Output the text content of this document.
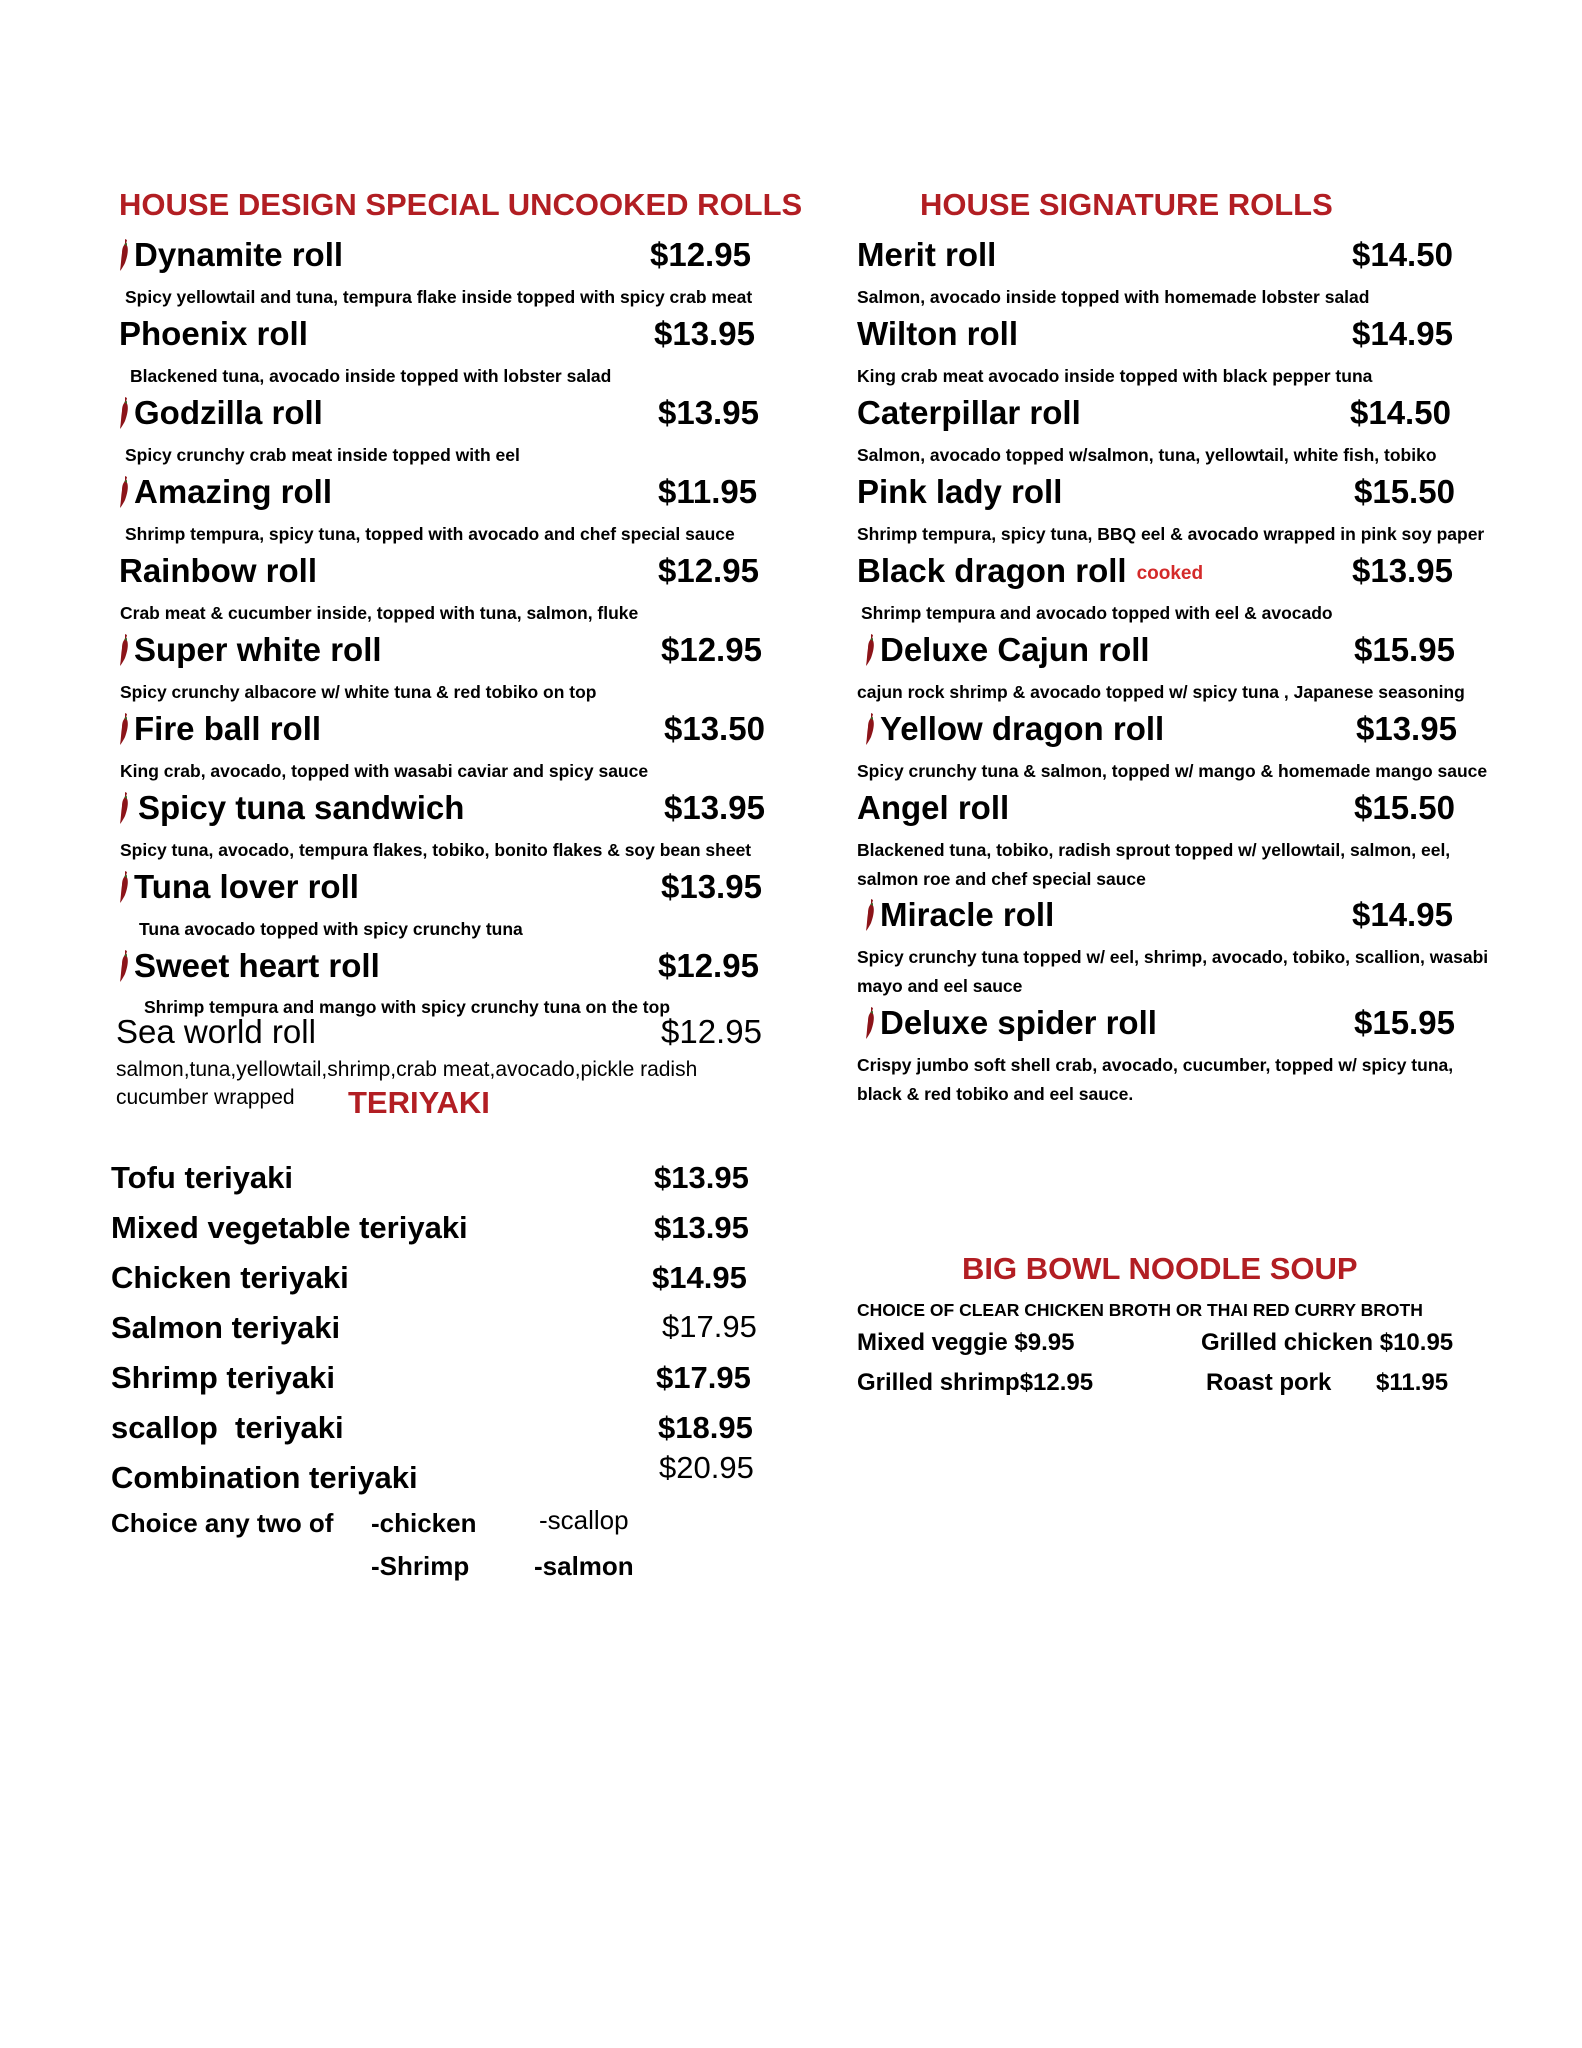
HOUSE DESIGN SPECIAL UNCOOKED ROLLS
Dynamite roll	$12.95
Spicy yellowtail and tuna, tempura flake inside topped with spicy crab meat
Phoenix roll	$13.95
Blackened tuna, avocado inside topped with lobster salad
Godzilla roll	$13.95
Spicy crunchy crab meat inside topped with eel
Amazing roll	$11.95
Shrimp tempura, spicy tuna, topped with avocado and chef special sauce
Rainbow roll	$12.95
Crab meat & cucumber inside, topped with tuna, salmon, fluke
Super white roll	$12.95
Spicy crunchy albacore w/ white tuna & red tobiko on top
Fire ball roll	$13.50
King crab, avocado, topped with wasabi caviar and spicy sauce
Spicy tuna sandwich	$13.95
Spicy tuna, avocado, tempura flakes, tobiko, bonito flakes & soy bean sheet
Tuna lover roll	$13.95
Tuna avocado topped with spicy crunchy tuna
Sweet heart roll	$12.95
Shrimp tempura and mango with spicy crunchy tuna on the top
Sea world roll	$12.95
salmon,tuna,yellowtail,shrimp,crab meat,avocado,pickle radish
cucumber wrapped TERIYAKI
Tofu teriyaki	$13.95
Mixed vegetable teriyaki	$13.95
Chicken teriyaki	$14.95
Salmon teriyaki	$17.95
Shrimp teriyaki	$17.95
scallop  teriyaki	$18.95
Combination teriyaki	$20.95
Choice any two of -chicken -scallop
-Shrimp -salmon
HOUSE SIGNATURE ROLLS
Merit roll	$14.50
Salmon, avocado inside topped with homemade lobster salad
Wilton roll	$14.95
King crab meat avocado inside topped with black pepper tuna
Caterpillar roll	$14.50
Salmon, avocado topped w/salmon, tuna, yellowtail, white fish, tobiko
Pink lady roll	$15.50
Shrimp tempura, spicy tuna, BBQ eel & avocado wrapped in pink soy paper
Black dragon roll cooked	$13.95
Shrimp tempura and avocado topped with eel & avocado
Deluxe Cajun roll	$15.95
cajun rock shrimp & avocado topped w/ spicy tuna , Japanese seasoning
Yellow dragon roll	$13.95
Spicy crunchy tuna & salmon, topped w/ mango & homemade mango sauce
Angel roll	$15.50
Blackened tuna, tobiko, radish sprout topped w/ yellowtail, salmon, eel,
salmon roe and chef special sauce
Miracle roll	$14.95
Spicy crunchy tuna topped w/ eel, shrimp, avocado, tobiko, scallion, wasabi
mayo and eel sauce
Deluxe spider roll	$15.95
Crispy jumbo soft shell crab, avocado, cucumber, topped w/ spicy tuna,
black & red tobiko and eel sauce.
BIG BOWL NOODLE SOUP
CHOICE OF CLEAR CHICKEN BROTH OR THAI RED CURRY BROTH
Mixed veggie $9.95	Grilled chicken $10.95
Grilled shrimp$12.95	Roast pork $11.95
